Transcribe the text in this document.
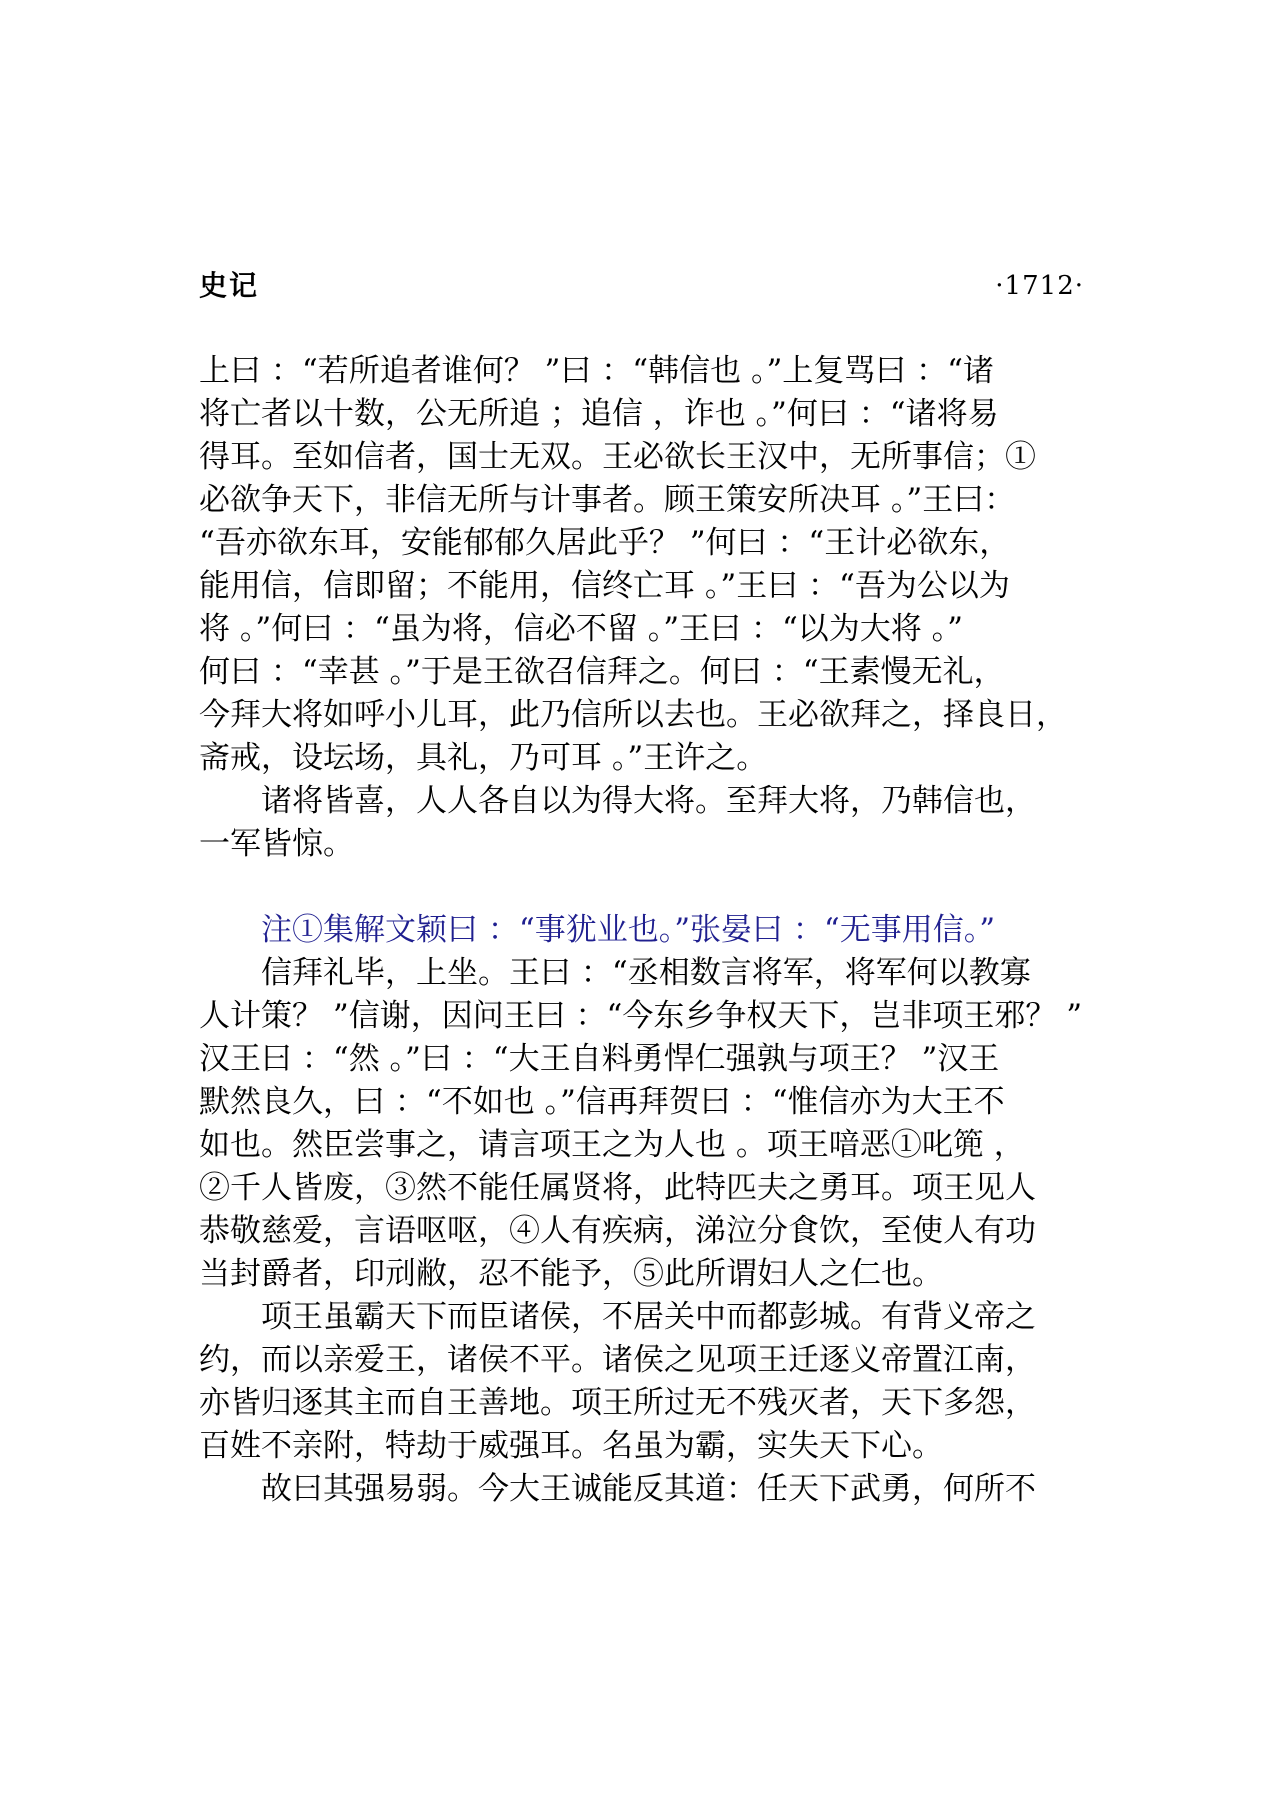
史记	·1712·
上曰 ：“若所追者谁何？ ”曰 ：“韩信也 。”上复骂曰 ：“诸
将亡者以十数，公无所追 ；追信 ，诈也 。”何曰 ：“诸将易
得耳。至如信者，国士无双。王必欲长王汉中，无所事信；①
必欲争天下，非信无所与计事者。顾王策安所决耳 。”王曰：
“吾亦欲东耳，安能郁郁久居此乎？ ”何曰 ：“王计必欲东，
能用信，信即留；不能用，信终亡耳 。”王曰 ：“吾为公以为
将 。”何曰 ：“虽为将，信必不留 。”王曰 ：“以为大将 。”
何曰 ：“幸甚 。”于是王欲召信拜之。何曰 ：“王素慢无礼，
今拜大将如呼小儿耳，此乃信所以去也。王必欲拜之，择良日，
斋戒，设坛场，具礼，乃可耳 。”王许之。
诸将皆喜，人人各自以为得大将。至拜大将，乃韩信也，
一军皆惊。
注①集解文颖曰 ：“事犹业也。”张晏曰 ：“无事用信。”
信拜礼毕，上坐。王曰 ：“丞相数言将军，将军何以教寡
人计策？ ”信谢，因问王曰 ：“今东乡争权天下，岂非项王邪？ ”
汉王曰 ：“然 。”曰 ：“大王自料勇悍仁强孰与项王？ ”汉王
默然良久，曰 ：“不如也 。”信再拜贺曰 ：“惟信亦为大王不
如也。然臣尝事之，请言项王之为人也 。项王喑恶①叱篼 ，
②千人皆废，③然不能任属贤将，此特匹夫之勇耳。项王见人
恭敬慈爱，言语呕呕，④人有疾病，涕泣分食饮，至使人有功
当封爵者，印刓敝，忍不能予，⑤此所谓妇人之仁也。
项王虽霸天下而臣诸侯，不居关中而都彭城。有背义帝之
约，而以亲爱王，诸侯不平。诸侯之见项王迁逐义帝置江南，
亦皆归逐其主而自王善地。项王所过无不残灭者，天下多怨，
百姓不亲附，特劫于威强耳。名虽为霸，实失天下心。
故曰其强易弱。今大王诚能反其道：任天下武勇，何所不
